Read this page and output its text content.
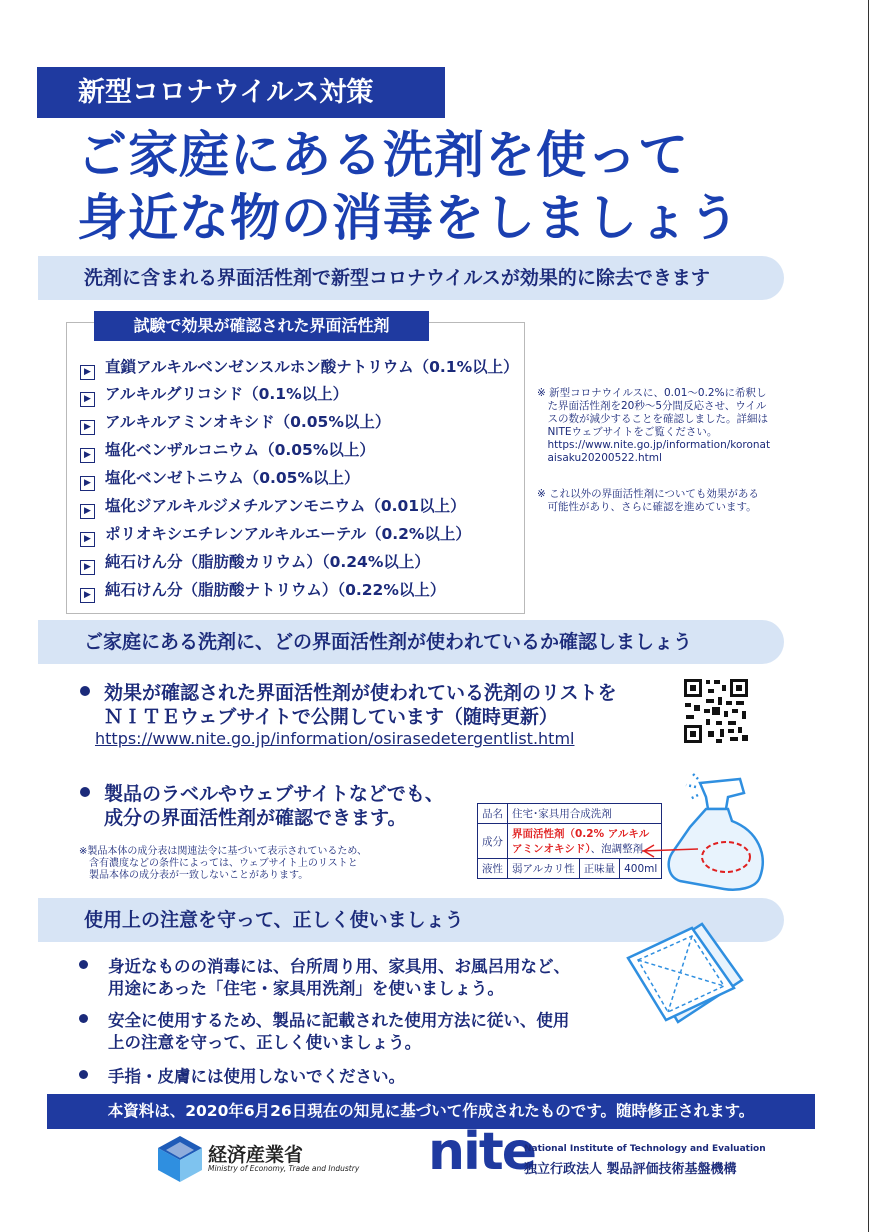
新型コロナウイルス対策
ご家庭にある洗剤を使って
身近な物の消毒をしましょう
洗剤に含まれる界面活性剤で新型コロナウイルスが効果的に除去できます
試験で効果が確認された界面活性剤
▶ 直鎖アルキルベンゼンスルホン酸ナトリウム（0.1%以上）
▶ アルキルグリコシド（0.1%以上）
▶ アルキルアミンオキシド（0.05%以上）
▶ 塩化ベンザルコニウム（0.05%以上）
▶ 塩化ベンゼトニウム（0.05%以上）
▶ 塩化ジアルキルジメチルアンモニウム（0.01以上）
▶ ポリオキシエチレンアルキルエーテル（0.2%以上）
▶ 純石けん分（脂肪酸カリウム）（0.24%以上）
▶ 純石けん分（脂肪酸ナトリウム）（0.22%以上）
※ 新型コロナウイルスに、0.01～0.2%に希釈し
　た界面活性剤を20秒～5分間反応させ、ウイル
　スの数が減少することを確認しました。詳細は
　NITEウェブサイトをご覧ください。
　https://www.nite.go.jp/information/koronat
　aisaku20200522.html
※ これ以外の界面活性剤についても効果がある
　可能性があり、さらに確認を進めています。
ご家庭にある洗剤に、どの界面活性剤が使われているか確認しましょう
効果が確認された界面活性剤が使われている洗剤のリストを
ＮＩＴＥウェブサイトで公開しています（随時更新）
https://www.nite.go.jp/information/osirasedetergentlist.html
製品のラベルやウェブサイトなどでも、
成分の界面活性剤が確認できます。
※製品本体の成分表は関連法令に基づいて表示されているため、
　含有濃度などの条件によっては、ウェブサイト上のリストと
　製品本体の成分表が一致しないことがあります。
品名	住宅･家具用合成洗剤		
成分	界面活性剤（0.2% アルキル
アミンオキシド）、泡調整剤		
液性	弱アルカリ性	正味量	400ml
使用上の注意を守って、正しく使いましょう
身近なものの消毒には、台所周り用、家具用、お風呂用など、
用途にあった「住宅・家具用洗剤」を使いましょう。
安全に使用するため、製品に記載された使用方法に従い、使用
上の注意を守って、正しく使いましょう。
手指・皮膚には使用しないでください。
本資料は、2020年6月26日現在の知見に基づいて作成されたものです。随時修正されます。
経済産業省
Ministry of Economy, Trade and Industry nite
National Institute of Technology and Evaluation
独立行政法人 製品評価技術基盤機構
